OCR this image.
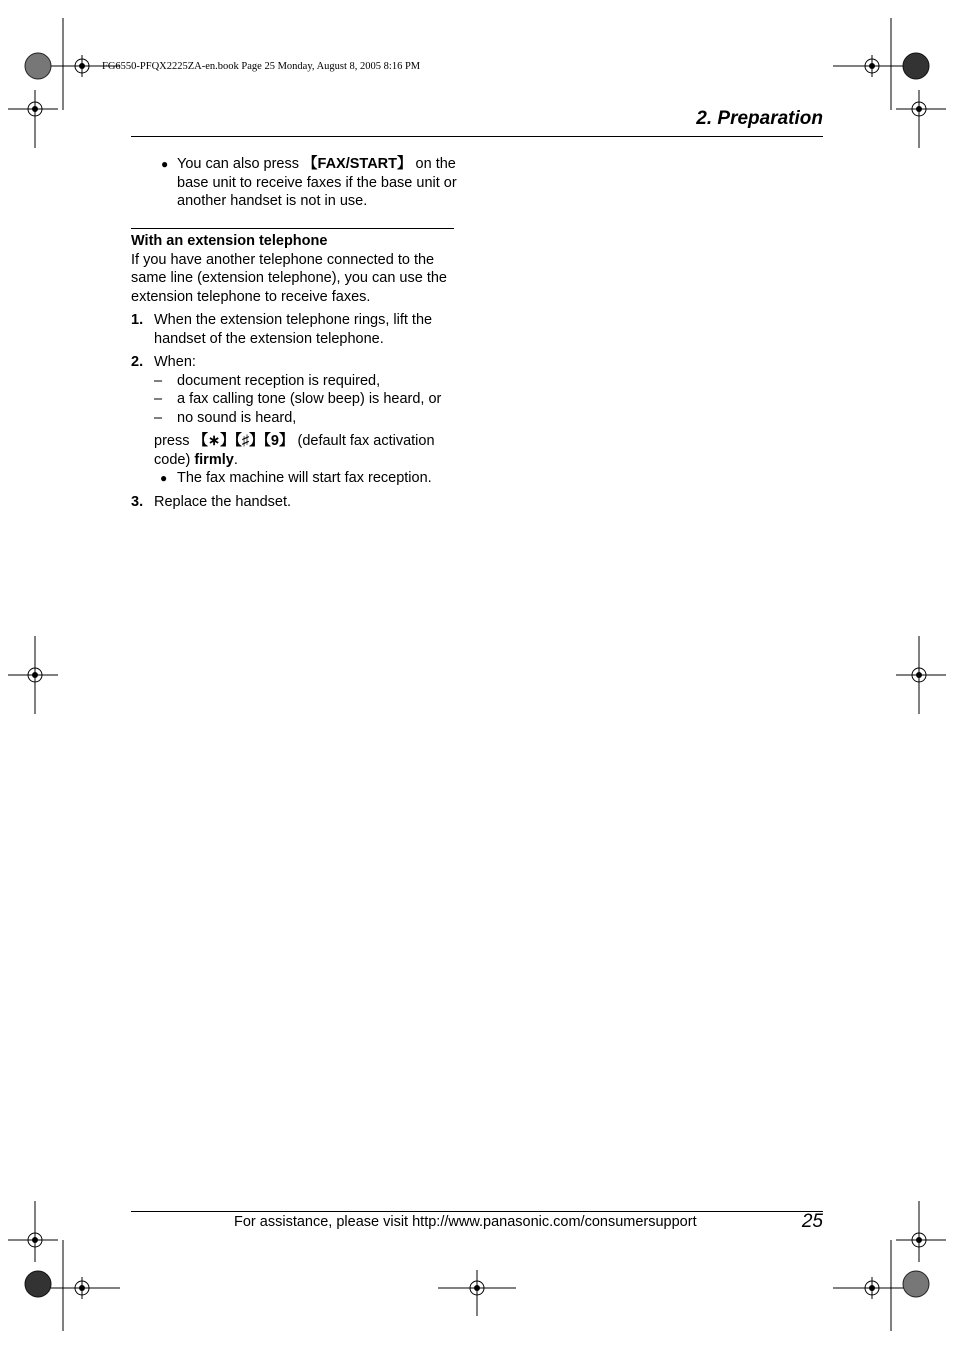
FG6550-PFQX2225ZA-en.book Page 25 Monday, August 8, 2005 8:16 PM
2. Preparation
● You can also press 【FAX/START】 on the base unit to receive faxes if the base unit or another handset is not in use.
With an extension telephone
If you have another telephone connected to the same line (extension telephone), you can use the extension telephone to receive faxes.
1. When the extension telephone rings, lift the handset of the extension telephone.
2. When:
– document reception is required,
– a fax calling tone (slow beep) is heard, or
– no sound is heard,
press 【∗】【♯】【9】 (default fax activation code) firmly.
● The fax machine will start fax reception.
3. Replace the handset.
For assistance, please visit http://www.panasonic.com/consumersupport	25
